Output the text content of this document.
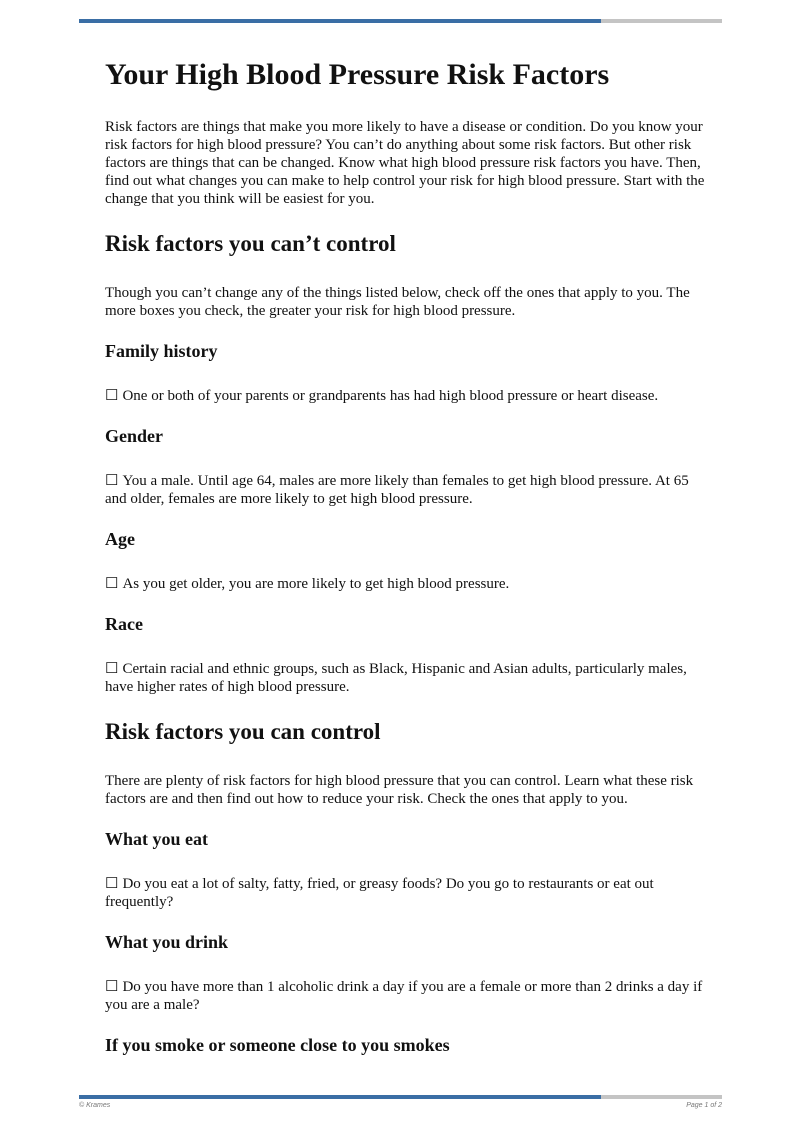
Your High Blood Pressure Risk Factors

Risk factors are things that make you more likely to have a disease or condition. Do you know your risk factors for high blood pressure? You can’t do anything about some risk factors. But other risk factors are things that can be changed. Know what high blood pressure risk factors you have. Then, find out what changes you can make to help control your risk for high blood pressure. Start with the change that you think will be easiest for you.

Risk factors you can’t control

Though you can’t change any of the things listed below, check off the ones that apply to you. The more boxes you check, the greater your risk for high blood pressure.

Family history
☐ One or both of your parents or grandparents has had high blood pressure or heart disease.
Gender
☐ You a male. Until age 64, males are more likely than females to get high blood pressure. At 65 and older, females are more likely to get high blood pressure.
Age
☐ As you get older, you are more likely to get high blood pressure.
Race
☐ Certain racial and ethnic groups, such as Black, Hispanic and Asian adults, particularly males, have higher rates of high blood pressure.
Risk factors you can control

There are plenty of risk factors for high blood pressure that you can control. Learn what these risk factors are and then find out how to reduce your risk. Check the ones that apply to you.

What you eat
☐ Do you eat a lot of salty, fatty, fried, or greasy foods? Do you go to restaurants or eat out frequently?
What you drink
☐ Do you have more than 1 alcoholic drink a day if you are a female or more than 2 drinks a day if you are a male?
If you smoke or someone close to you smokes
© Krames	Page 1 of 2
